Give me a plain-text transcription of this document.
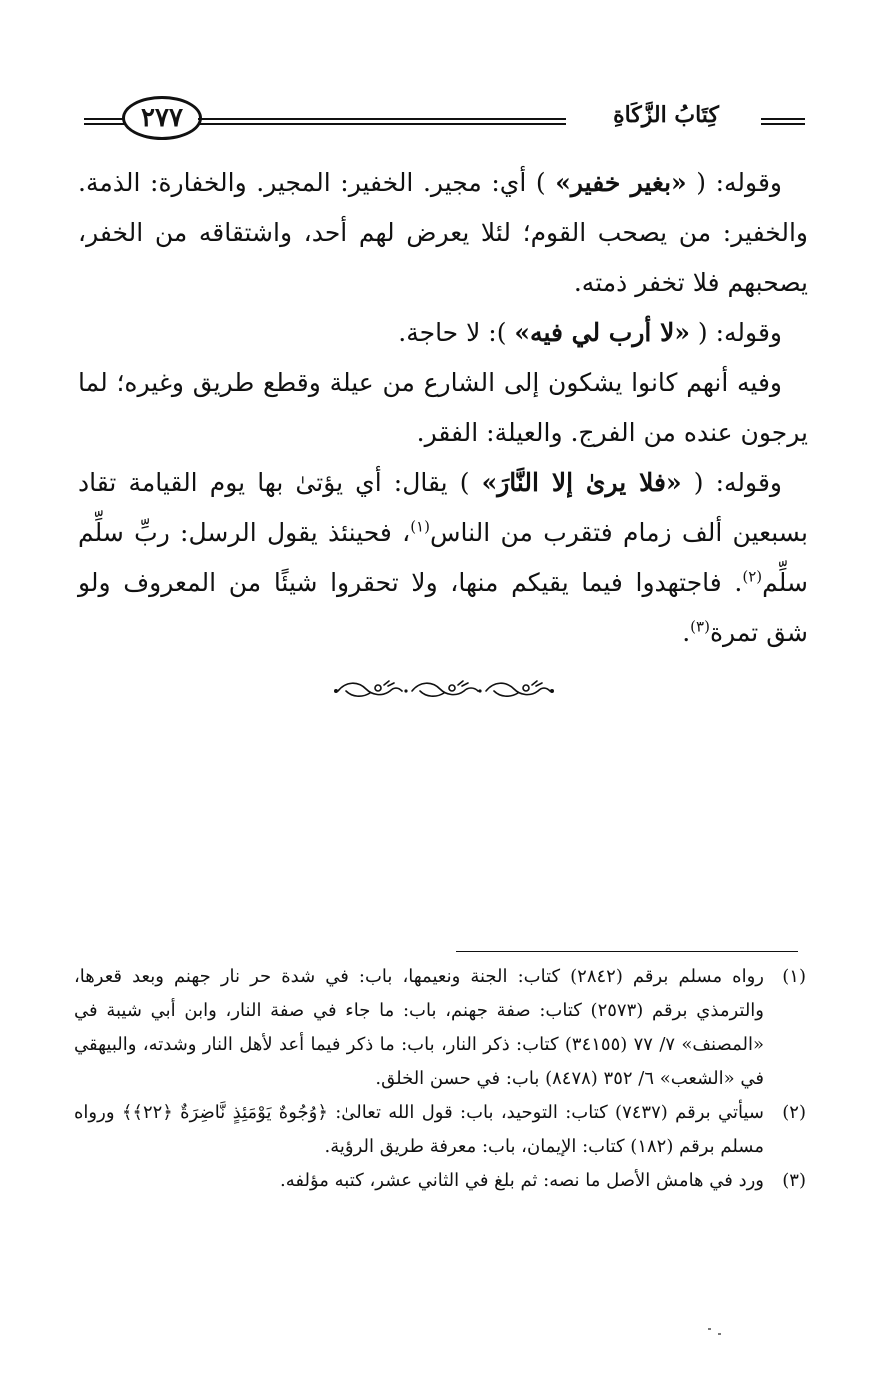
٢٧٧	كِتَابُ الزَّكَاةِ

وقوله: ( «بغير خفير» ) أي: مجير. الخفير: المجير. والخفارة: الذمة. والخفير: من يصحب القوم؛ لئلا يعرض لهم أحد، واشتقاقه من الخفر، يصحبهم فلا تخفر ذمته.

وقوله: ( «لا أرب لي فيه» ): لا حاجة.

وفيه أنهم كانوا يشكون إلى الشارع من عيلة وقطع طريق وغيره؛ لما يرجون عنده من الفرج. والعيلة: الفقر.

وقوله: ( «فلا يرىٰ إلا النَّارَ» ) يقال: أي يؤتىٰ بها يوم القيامة تقاد بسبعين ألف زمام فتقرب من الناس$^{(١)}$، فحينئذ يقول الرسل: ربِّ سلِّم سلِّم$^{(٢)}$. فاجتهدوا فيما يقيكم منها، ولا تحقروا شيئًا من المعروف ولو شق تمرة$^{(٣)}$.

(١)
رواه مسلم برقم (٢٨٤٢) كتاب: الجنة ونعيمها، باب: في شدة حر نار جهنم وبعد قعرها، والترمذي برقم (٢٥٧٣) كتاب: صفة جهنم، باب: ما جاء في صفة النار، وابن أبي شيبة في «المصنف» ٧/ ٧٧ (٣٤١٥٥) كتاب: ذكر النار، باب: ما ذكر فيما أعد لأهل النار وشدته، والبيهقي في «الشعب» ٦/ ٣٥٢ (٨٤٧٨) باب: في حسن الخلق.
(٢)
سيأتي برقم (٧٤٣٧) كتاب: التوحيد، باب: قول الله تعالىٰ: ﴿وُجُوهٌ يَوْمَئِذٍ نَّاضِرَةٌ ﴿٢٢﴾﴾ ورواه مسلم برقم (١٨٢) كتاب: الإيمان، باب: معرفة طريق الرؤية.
(٣)
ورد في هامش الأصل ما نصه: ثم بلغ في الثاني عشر، كتبه مؤلفه.
